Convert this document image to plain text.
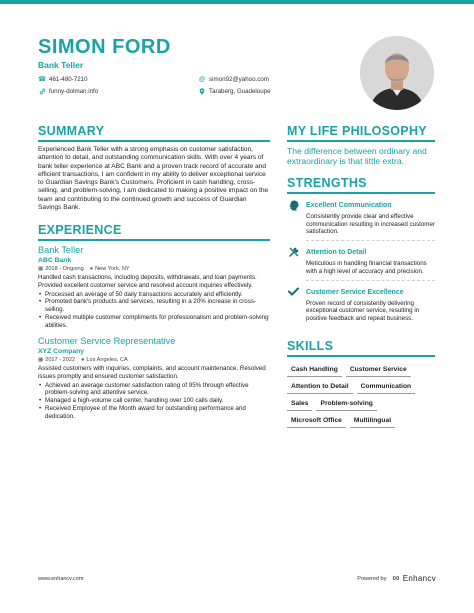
SIMON FORD
Bank Teller
☎ 461-480-7210	@ simon92@yahoo.com
funny-dolman.info	Taraberg, Guadeloupe
SUMMARY

Experienced Bank Teller with a strong emphasis on customer satisfaction, attention to detail, and outstanding communication skills. With over 4 years of bank teller experience at ABC Bank and a proven track record of accurate and efficient transactions, I am confident in my ability to deliver exceptional service to Guardian Savings Bank's Customers. Proficient in cash handling, cross-selling, and problem-solving, I am dedicated to making a positive impact on the team and contributing to the continued growth and success of Guardian Savings Bank.

EXPERIENCE
Bank Teller
ABC Bank
▦ 2018 - Ongoing ● New York, NY

Handled cash transactions, including deposits, withdrawals, and loan payments. Provided excellent customer service and resolved account inquiries effectively.

• Processed an average of 50 daily transactions accurately and efficiently.
• Promoted bank's products and services, resulting in a 20% increase in cross-selling.
• Received multiple customer compliments for professionalism and problem-solving abilities.
Customer Service Representative
XYZ Company
▦ 2017 - 2022 ● Los Angeles, CA

Assisted customers with inquiries, complaints, and account maintenance. Resolved issues promptly and ensured customer satisfaction.

• Achieved an average customer satisfaction rating of 95% through effective problem-solving and attentive service.
• Managed a high-volume call center, handling over 100 calls daily.
• Received Employee of the Month award for outstanding performance and dedication.
MY LIFE PHILOSOPHY

The difference between ordinary and extraordinary is that little extra.

STRENGTHS
Excellent Communication

Consistently provide clear and effective communication resulting in increased customer satisfaction.

Attention to Detail

Meticulous in handling financial transactions with a high level of accuracy and precision.

Customer Service Excellence

Proven record of consistently delivering exceptional customer service, resulting in positive feedback and repeat business.

SKILLS
Cash Handling	Customer Service
Attention to Detail	Communication
Sales	Problem-solving
Microsoft Office	Multilingual
www.enhancv.com	Powered by ∞ Enhancv
